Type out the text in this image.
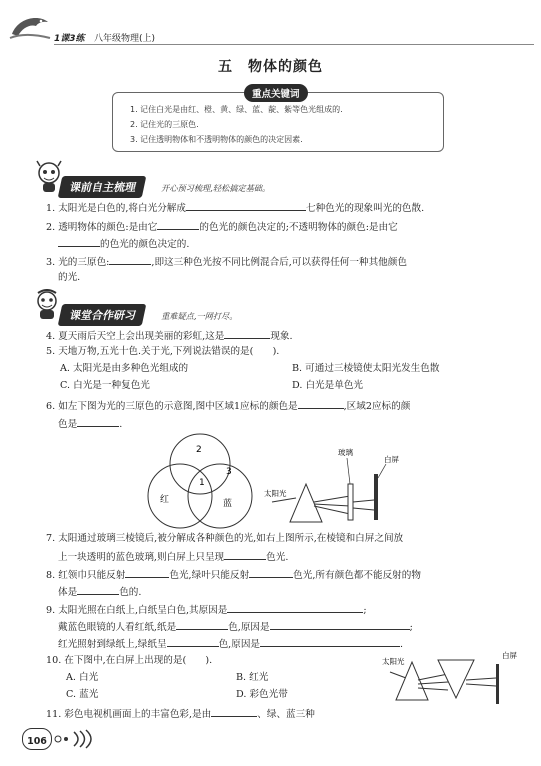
1课3练 八年级物理(上)
五　物体的颜色
重点关键词
1. 记住白光是由红、橙、黄、绿、蓝、靛、紫等色光组成的.
2. 记住光的三原色.
3. 记住透明物体和不透明物体的颜色的决定因素.
课前自主梳理	开心预习梳理,轻松搞定基础。
1. 太阳光是白色的,将白光分解成	七种色光的现象叫光的色散.
2. 透明物体的颜色:是由它	的色光的颜色决定的;不透明物体的颜色:是由它
的色光的颜色决定的.
3. 光的三原色:	,即这三种色光按不同比例混合后,可以获得任何一种其他颜色
的光.
课堂合作研习	重难疑点,一网打尽。
4. 夏天雨后天空上会出现美丽的彩虹,这是	现象.
5. 天地万物,五光十色.关于光,下列说法错误的是(　　).
A. 太阳光是由多种色光组成的	B. 可通过三棱镜使太阳光发生色散
C. 白光是一种复色光	D. 白光是单色光
6. 如左下图为光的三原色的示意图,图中区域1应标的颜色是	,区域2应标的颜
色是	.
2
1
3
红	蓝
太阳光
玻璃
白屏
7. 太阳通过玻璃三棱镜后,被分解成各种颜色的光,如右上图所示,在棱镜和白屏之间放
上一块透明的蓝色玻璃,则白屏上只呈现	色光.
8. 红领巾只能反射	色光,绿叶只能反射	色光,所有颜色都不能反射的物
体是	色的.
9. 太阳光照在白纸上,白纸呈白色,其原因是	;
戴蓝色眼镜的人看红纸,纸是	色,原因是	;
红光照射到绿纸上,绿纸呈	色,原因是	.
10. 在下图中,在白屏上出现的是(　　).
A. 白光	B. 红光
C. 蓝光	D. 彩色光带
太阳光
白屏
11. 彩色电视机画面上的丰富色彩,是由	、绿、蓝三种
106
